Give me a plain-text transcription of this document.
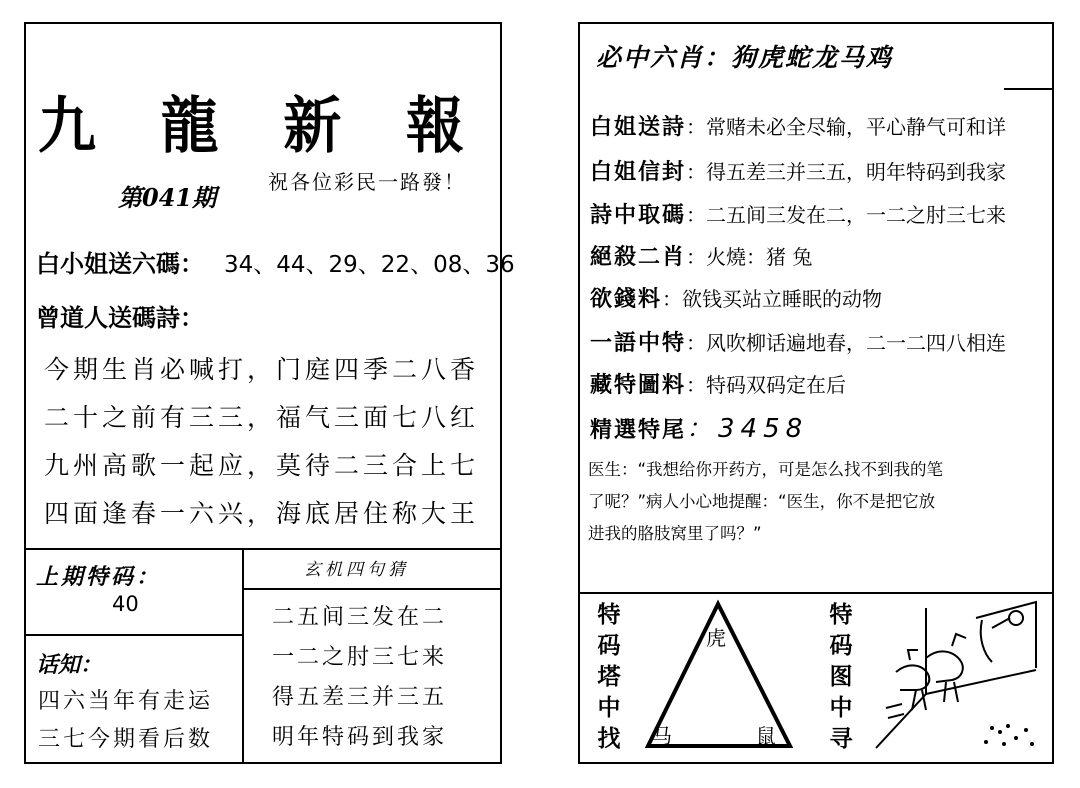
九 龍 新 報
第041期
祝各位彩民一路發！
白小姐送六碼： 34、44、29、22、08、36
曾道人送碼詩：
今期生肖必喊打，门庭四季二八香
二十之前有三三，福气三面七八红
九州高歌一起应，莫待二三合上七
四面逢春一六兴，海底居住称大王
上期特码：
40
话知：
四六当年有走运
三七今期看后数
玄机四句猜
二五间三发在二
一二之肘三七来
得五差三并三五
明年特码到我家
必中六肖：狗虎蛇龙马鸡
白姐送詩：常赌未必全尽输，平心静气可和详
白姐信封：得五差三并三五，明年特码到我家
詩中取碼：二五间三发在二，一二之肘三七来
絕殺二肖：火燒：猪 兔
欲錢料：欲钱买站立睡眠的动物
一語中特：风吹柳话遍地春，二一二四八相连
藏特圖料：特码双码定在后
精選特尾：3458
医生：“我想给你开药方，可是怎么找不到我的笔
了呢？”病人小心地提醒：“医生，你不是把它放
进我的胳肢窝里了吗？”
特
码
塔
中
找
虎
马	鼠
特
码
图
中
寻
